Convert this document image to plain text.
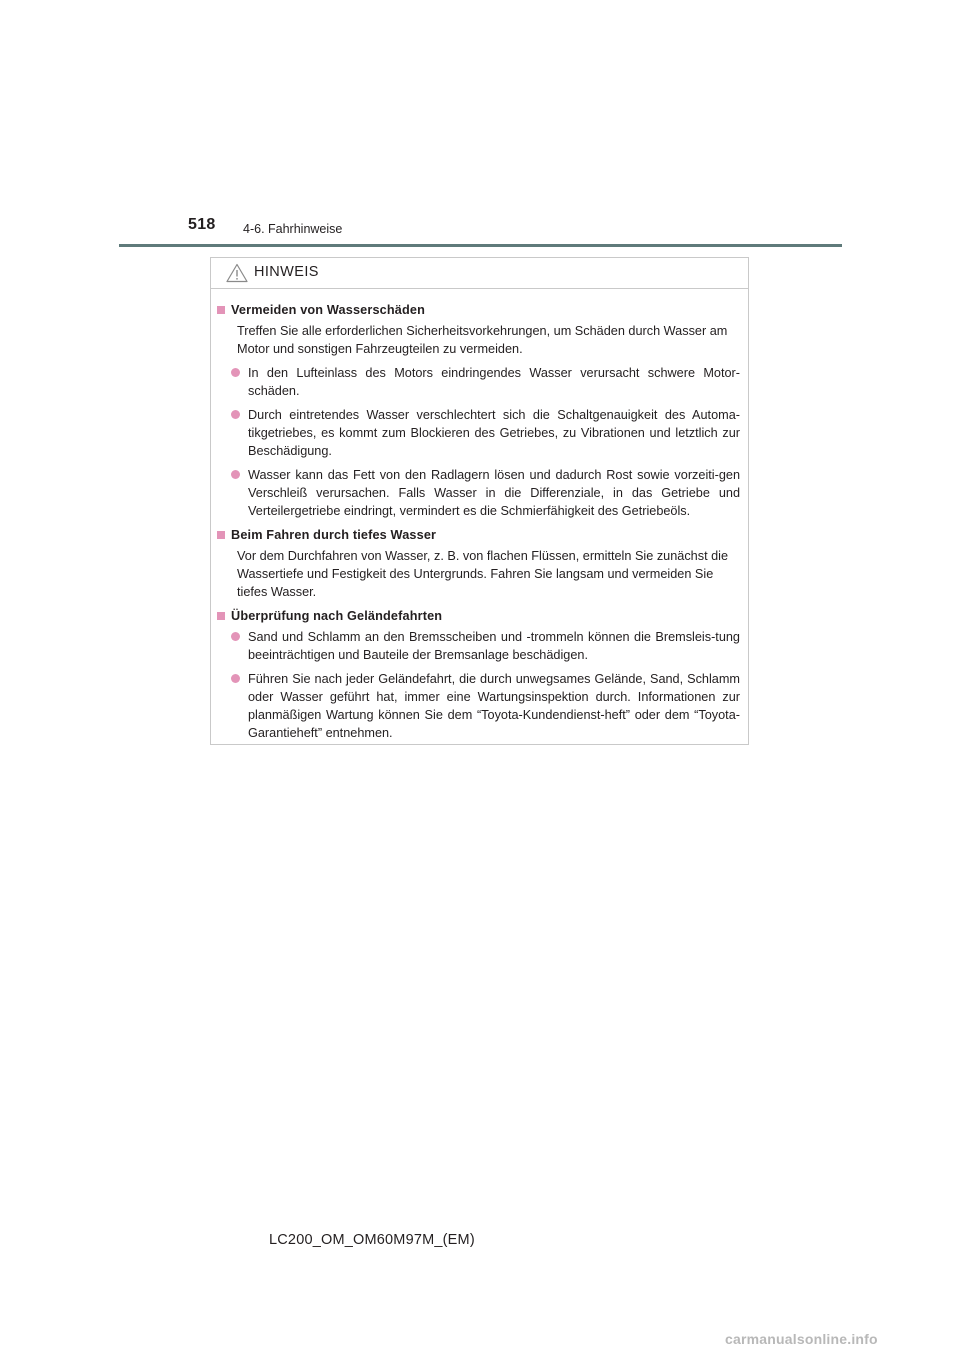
518 4-6. Fahrhinweise
HINWEIS
Vermeiden von Wasserschäden
Treffen Sie alle erforderlichen Sicherheitsvorkehrungen, um Schäden durch Wasser am Motor und sonstigen Fahrzeugteilen zu vermeiden.
In den Lufteinlass des Motors eindringendes Wasser verursacht schwere Motor-schäden.
Durch eintretendes Wasser verschlechtert sich die Schaltgenauigkeit des Automa-tikgetriebes, es kommt zum Blockieren des Getriebes, zu Vibrationen und letztlich zur Beschädigung.
Wasser kann das Fett von den Radlagern lösen und dadurch Rost sowie vorzeiti-gen Verschleiß verursachen. Falls Wasser in die Differenziale, in das Getriebe und Verteilergetriebe eindringt, vermindert es die Schmierfähigkeit des Getriebeöls.
Beim Fahren durch tiefes Wasser
Vor dem Durchfahren von Wasser, z. B. von flachen Flüssen, ermitteln Sie zunächst die Wassertiefe und Festigkeit des Untergrunds. Fahren Sie langsam und vermeiden Sie tiefes Wasser.
Überprüfung nach Geländefahrten
Sand und Schlamm an den Bremsscheiben und -trommeln können die Bremsleis-tung beeinträchtigen und Bauteile der Bremsanlage beschädigen.
Führen Sie nach jeder Geländefahrt, die durch unwegsames Gelände, Sand, Schlamm oder Wasser geführt hat, immer eine Wartungsinspektion durch. Informationen zur planmäßigen Wartung können Sie dem “Toyota-Kundendienst-heft” oder dem “Toyota-Garantieheft” entnehmen.
LC200_OM_OM60M97M_(EM)
carmanualsonline.info
